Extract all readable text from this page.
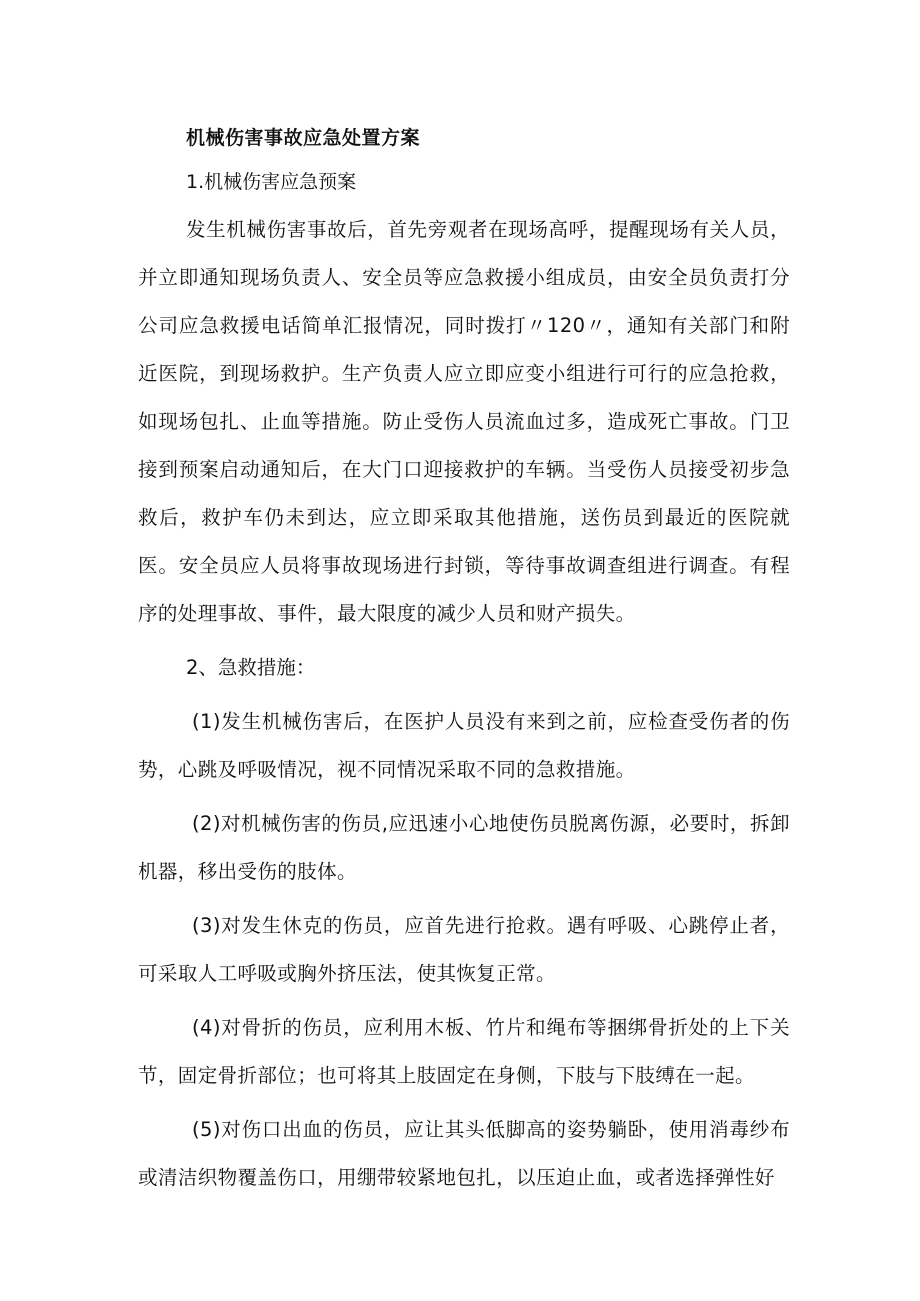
机械伤害事故应急处置方案
1.机械伤害应急预案

发生机械伤害事故后，首先旁观者在现场高呼，提醒现场有关人员，并立即通知现场负责人、安全员等应急救援小组成员，由安全员负责打分公司应急救援电话简单汇报情况，同时拨打〃120〃，通知有关部门和附近医院，到现场救护。生产负责人应立即应变小组进行可行的应急抢救，如现场包扎、止血等措施。防止受伤人员流血过多，造成死亡事故。门卫接到预案启动通知后，在大门口迎接救护的车辆。当受伤人员接受初步急救后，救护车仍未到达，应立即采取其他措施，送伤员到最近的医院就医。安全员应人员将事故现场进行封锁，等待事故调查组进行调查。有程序的处理事故、事件，最大限度的减少人员和财产损失。

2、急救措施：

(1)发生机械伤害后，在医护人员没有来到之前，应检查受伤者的伤势，心跳及呼吸情况，视不同情况采取不同的急救措施。

(2)对机械伤害的伤员,应迅速小心地使伤员脱离伤源，必要时，拆卸机器，移出受伤的肢体。

(3)对发生休克的伤员，应首先进行抢救。遇有呼吸、心跳停止者，可采取人工呼吸或胸外挤压法，使其恢复正常。

(4)对骨折的伤员，应利用木板、竹片和绳布等捆绑骨折处的上下关节，固定骨折部位；也可将其上肢固定在身侧，下肢与下肢缚在一起。

(5)对伤口出血的伤员，应让其头低脚高的姿势躺卧，使用消毒纱布或清洁织物覆盖伤口，用绷带较紧地包扎，以压迫止血，或者选择弹性好
